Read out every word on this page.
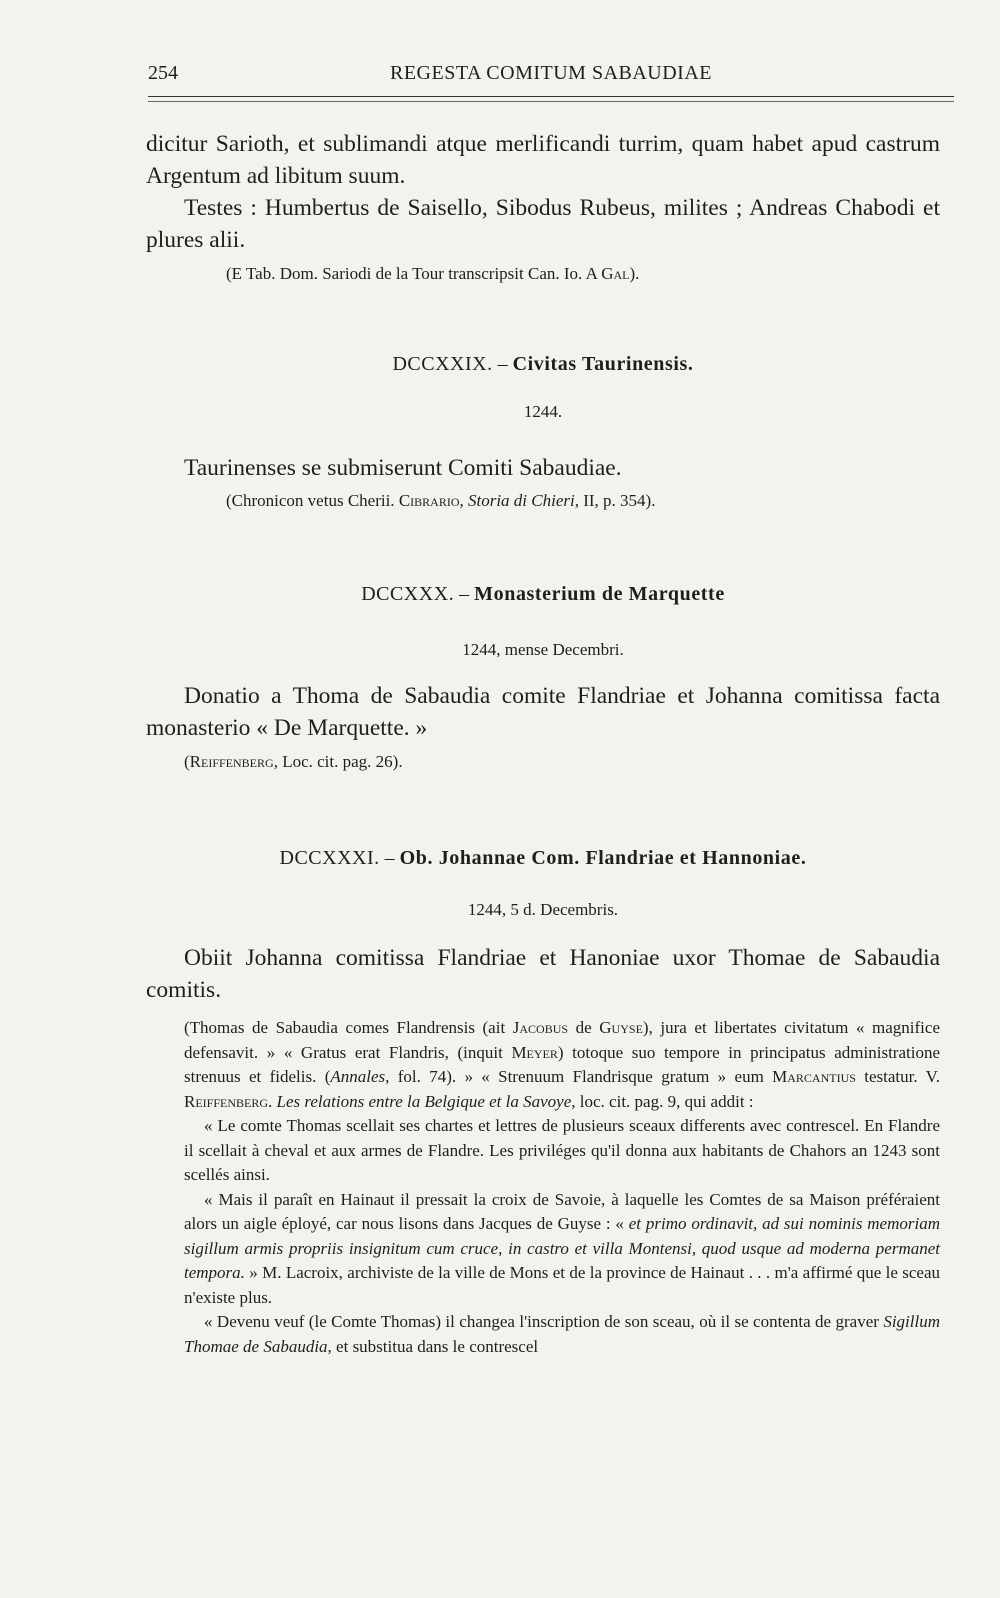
254	REGESTA COMITUM SABAUDIAE

dicitur Sarioth, et sublimandi atque merlificandi turrim, quam habet apud castrum Argentum ad libitum suum.

Testes : Humbertus de Saisello, Sibodus Rubeus, milites ; Andreas Chabodi et plures alii.

(E Tab. Dom. Sariodi de la Tour transcripsit Can. Io. A Gal).
DCCXXIX. – Civitas Taurinensis.
1244.
Taurinenses se submiserunt Comiti Sabaudiae.
(Chronicon vetus Cherii. Cibrario, Storia di Chieri, II, p. 354).
DCCXXX. – Monasterium de Marquette
1244, mense Decembri.

Donatio a Thoma de Sabaudia comite Flandriae et Johanna comitissa facta monasterio « De Marquette. »

(Reiffenberg, Loc. cit. pag. 26).
DCCXXXI. – Ob. Johannae Com. Flandriae et Hannoniae.
1244, 5 d. Decembris.

Obiit Johanna comitissa Flandriae et Hanoniae uxor Thomae de Sabaudia comitis.

(Thomas de Sabaudia comes Flandrensis (ait Jacobus de Guyse), jura et libertates civitatum « magnifice defensavit. » « Gratus erat Flandris, (inquit Meyer) totoque suo tempore in principatus administratione strenuus et fidelis. (Annales, fol. 74). » « Strenuum Flandrisque gratum » eum Marcantius testatur. V. Reiffenberg. Les relations entre la Belgique et la Savoye, loc. cit. pag. 9, qui addit :

« Le comte Thomas scellait ses chartes et lettres de plusieurs sceaux differents avec contrescel. En Flandre il scellait à cheval et aux armes de Flandre. Les priviléges qu'il donna aux habitants de Chahors an 1243 sont scellés ainsi.

« Mais il paraît en Hainaut il pressait la croix de Savoie, à laquelle les Comtes de sa Maison préféraient alors un aigle éployé, car nous lisons dans Jacques de Guyse : « et primo ordinavit, ad sui nominis memoriam sigillum armis propriis insignitum cum cruce, in castro et villa Montensi, quod usque ad moderna permanet tempora. » M. Lacroix, archiviste de la ville de Mons et de la province de Hainaut . . . m'a affirmé que le sceau n'existe plus.

« Devenu veuf (le Comte Thomas) il changea l'inscription de son sceau, où il se contenta de graver Sigillum Thomae de Sabaudia, et substitua dans le contrescel
